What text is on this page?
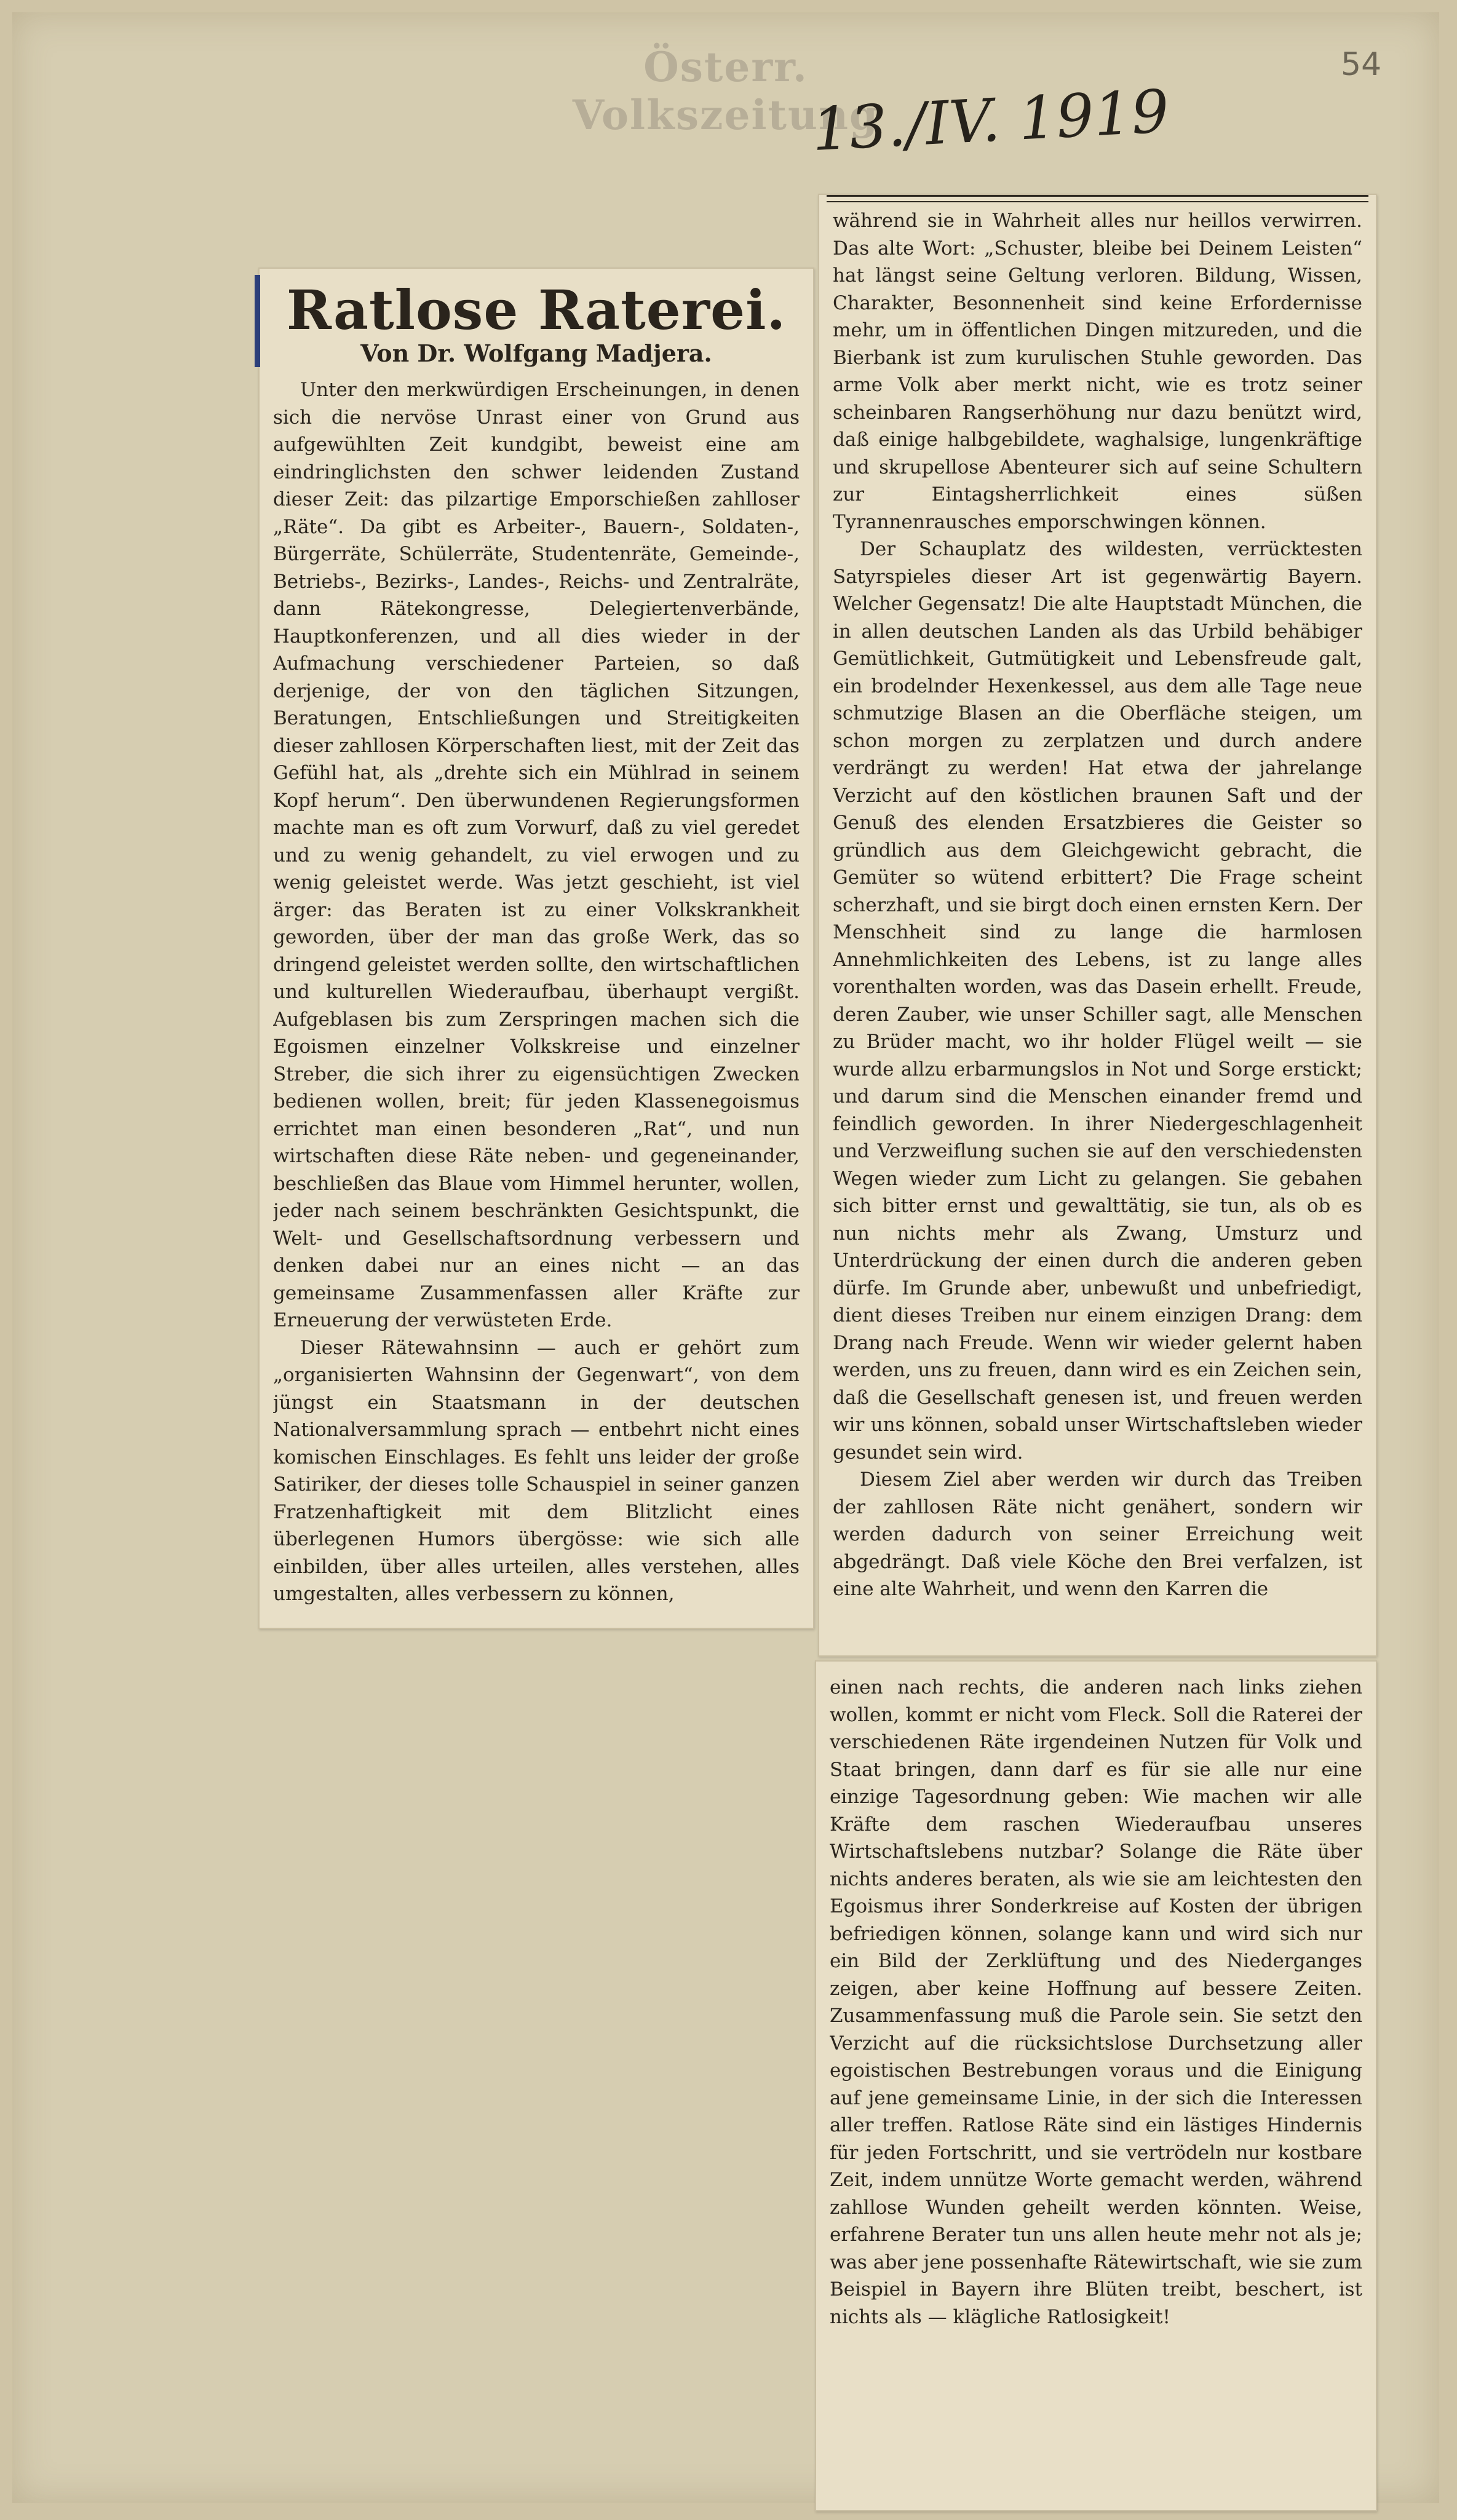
Österr. Volkszeitung
54
13./IV. 1919
Ratlose Raterei.
Von Dr. Wolfgang Madjera.

Unter den merkwürdigen Erscheinungen, in denen sich die nervöse Unrast einer von Grund aus aufgewühlten Zeit kundgibt, beweist eine am eindringlichsten den schwer leidenden Zustand dieser Zeit: das pilzartige Emporschießen zahlloser „Räte“. Da gibt es Arbeiter-, Bauern-, Soldaten-, Bürgerräte, Schülerräte, Studentenräte, Gemeinde-, Betriebs-, Bezirks-, Landes-, Reichs- und Zentralräte, dann Rätekongresse, Delegiertenverbände, Hauptkonferenzen, und all dies wieder in der Aufmachung verschiedener Parteien, so daß derjenige, der von den täglichen Sitzungen, Beratungen, Entschließungen und Streitigkeiten dieser zahllosen Körperschaften liest, mit der Zeit das Gefühl hat, als „drehte sich ein Mühlrad in seinem Kopf herum“. Den überwundenen Regierungsformen machte man es oft zum Vorwurf, daß zu viel geredet und zu wenig gehandelt, zu viel erwogen und zu wenig geleistet werde. Was jetzt geschieht, ist viel ärger: das Beraten ist zu einer Volkskrankheit geworden, über der man das große Werk, das so dringend geleistet werden sollte, den wirtschaftlichen und kulturellen Wiederaufbau, überhaupt vergißt. Aufgeblasen bis zum Zerspringen machen sich die Egoismen einzelner Volkskreise und einzelner Streber, die sich ihrer zu eigensüchtigen Zwecken bedienen wollen, breit; für jeden Klassenegoismus errichtet man einen besonderen „Rat“, und nun wirtschaften diese Räte neben- und gegeneinander, beschließen das Blaue vom Himmel herunter, wollen, jeder nach seinem beschränkten Gesichtspunkt, die Welt- und Gesellschaftsordnung verbessern und denken dabei nur an eines nicht — an das gemeinsame Zusammenfassen aller Kräfte zur Erneuerung der verwüsteten Erde.

Dieser Rätewahnsinn — auch er gehört zum „organisierten Wahnsinn der Gegenwart“, von dem jüngst ein Staatsmann in der deutschen Nationalversammlung sprach — entbehrt nicht eines komischen Einschlages. Es fehlt uns leider der große Satiriker, der dieses tolle Schauspiel in seiner ganzen Fratzenhaftigkeit mit dem Blitzlicht eines überlegenen Humors übergösse: wie sich alle einbilden, über alles urteilen, alles verstehen, alles umgestalten, alles verbessern zu können,

während sie in Wahrheit alles nur heillos verwirren. Das alte Wort: „Schuster, bleibe bei Deinem Leisten“ hat längst seine Geltung verloren. Bildung, Wissen, Charakter, Besonnenheit sind keine Erfordernisse mehr, um in öffentlichen Dingen mitzureden, und die Bierbank ist zum kurulischen Stuhle geworden. Das arme Volk aber merkt nicht, wie es trotz seiner scheinbaren Rangserhöhung nur dazu benützt wird, daß einige halbgebildete, waghalsige, lungenkräftige und skrupellose Abenteurer sich auf seine Schultern zur Eintagsherrlichkeit eines süßen Tyrannenrausches emporschwingen können.

Der Schauplatz des wildesten, verrücktesten Satyrspieles dieser Art ist gegenwärtig Bayern. Welcher Gegensatz! Die alte Hauptstadt München, die in allen deutschen Landen als das Urbild behäbiger Gemütlichkeit, Gutmütigkeit und Lebensfreude galt, ein brodelnder Hexenkessel, aus dem alle Tage neue schmutzige Blasen an die Oberfläche steigen, um schon morgen zu zerplatzen und durch andere verdrängt zu werden! Hat etwa der jahrelange Verzicht auf den köstlichen braunen Saft und der Genuß des elenden Ersatzbieres die Geister so gründlich aus dem Gleichgewicht gebracht, die Gemüter so wütend erbittert? Die Frage scheint scherzhaft, und sie birgt doch einen ernsten Kern. Der Menschheit sind zu lange die harmlosen Annehmlichkeiten des Lebens, ist zu lange alles vorenthalten worden, was das Dasein erhellt. Freude, deren Zauber, wie unser Schiller sagt, alle Menschen zu Brüder macht, wo ihr holder Flügel weilt — sie wurde allzu erbarmungslos in Not und Sorge erstickt; und darum sind die Menschen einander fremd und feindlich geworden. In ihrer Niedergeschlagenheit und Verzweiflung suchen sie auf den verschiedensten Wegen wieder zum Licht zu gelangen. Sie gebahen sich bitter ernst und gewalttätig, sie tun, als ob es nun nichts mehr als Zwang, Umsturz und Unterdrückung der einen durch die anderen geben dürfe. Im Grunde aber, unbewußt und unbefriedigt, dient dieses Treiben nur einem einzigen Drang: dem Drang nach Freude. Wenn wir wieder gelernt haben werden, uns zu freuen, dann wird es ein Zeichen sein, daß die Gesellschaft genesen ist, und freuen werden wir uns können, sobald unser Wirtschaftsleben wieder gesundet sein wird.

Diesem Ziel aber werden wir durch das Treiben der zahllosen Räte nicht genähert, sondern wir werden dadurch von seiner Erreichung weit abgedrängt. Daß viele Köche den Brei verfalzen, ist eine alte Wahrheit, und wenn den Karren die

einen nach rechts, die anderen nach links ziehen wollen, kommt er nicht vom Fleck. Soll die Raterei der verschiedenen Räte irgendeinen Nutzen für Volk und Staat bringen, dann darf es für sie alle nur eine einzige Tagesordnung geben: Wie machen wir alle Kräfte dem raschen Wiederaufbau unseres Wirtschaftslebens nutzbar? Solange die Räte über nichts anderes beraten, als wie sie am leichtesten den Egoismus ihrer Sonderkreise auf Kosten der übrigen befriedigen können, solange kann und wird sich nur ein Bild der Zerklüftung und des Niederganges zeigen, aber keine Hoffnung auf bessere Zeiten. Zusammenfassung muß die Parole sein. Sie setzt den Verzicht auf die rücksichtslose Durchsetzung aller egoistischen Bestrebungen voraus und die Einigung auf jene gemeinsame Linie, in der sich die Interessen aller treffen. Ratlose Räte sind ein lästiges Hindernis für jeden Fortschritt, und sie vertrödeln nur kostbare Zeit, indem unnütze Worte gemacht werden, während zahllose Wunden geheilt werden könnten. Weise, erfahrene Berater tun uns allen heute mehr not als je; was aber jene possenhafte Rätewirtschaft, wie sie zum Beispiel in Bayern ihre Blüten treibt, beschert, ist nichts als — klägliche Ratlosigkeit!
